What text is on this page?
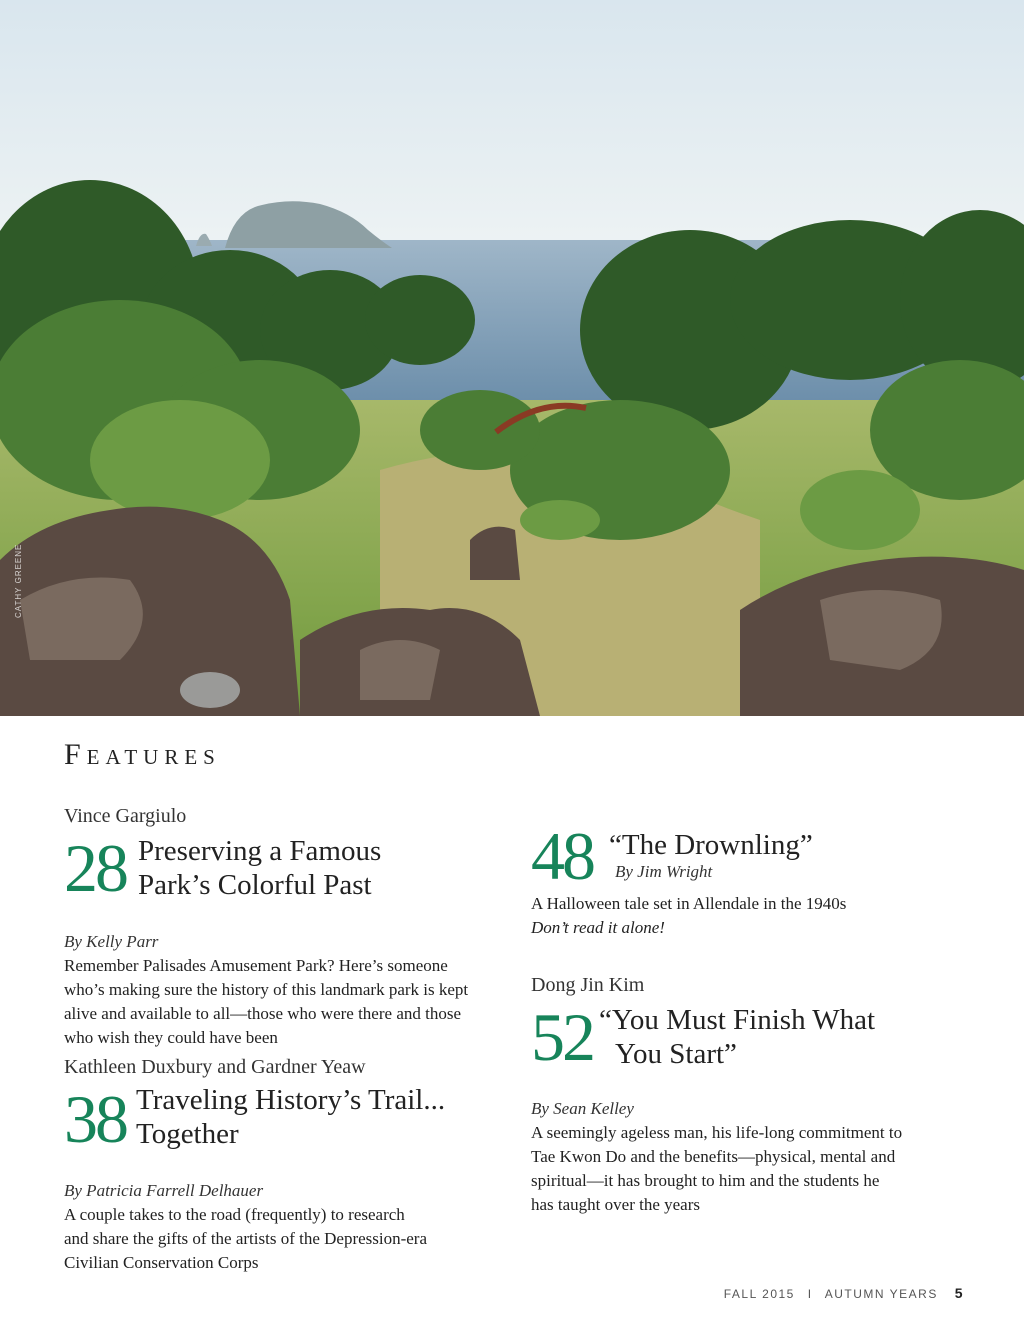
CATHY GREENE
Features
Vince Gargiulo
28 Preserving a Famous
Park’s Colorful Past
By Kelly Parr
Remember Palisades Amusement Park? Here’s someone
who’s making sure the history of this landmark park is kept
alive and available to all—those who were there and those
who wish they could have been
Kathleen Duxbury and Gardner Yeaw
38 Traveling History’s Trail...
Together
By Patricia Farrell Delhauer
A couple takes to the road (frequently) to research
and share the gifts of the artists of the Depression-era
Civilian Conservation Corps
48 “The Drownling”
By Jim Wright
A Halloween tale set in Allendale in the 1940s
Don’t read it alone!
Dong Jin Kim
52 “You Must Finish What
You Start”
By Sean Kelley
A seemingly ageless man, his life-long commitment to
Tae Kwon Do and the benefits—physical, mental and
spiritual—it has brought to him and the students he
has taught over the years
FALL 2015 I AUTUMN YEARS 5
